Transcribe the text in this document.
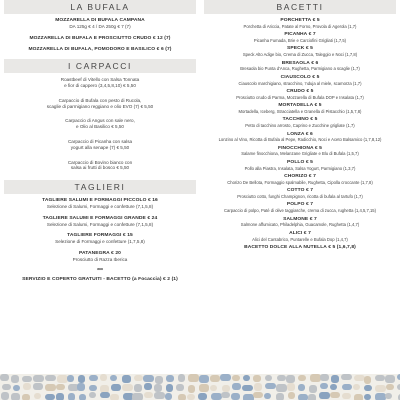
LA BUFALA
MOZZARELLA DI BUFALA CAMPANA
DA 125g € 4 / DA 250g € 7 (7)
MOZZARELLA DI BUFALA E PROSCIUTTO CRUDO € 12 (7)
MOZZARELLA DI BUFALA, POMODORO E BASILICO € 6 (7)
I CARPACCI
Roastbeef di Vitello con Salsa Tonnata
e fior di cappero (3,4,5,8,10) € 5,50
Carpaccio di Bufala con pesto di Rucola,
scaglie di parmigiano reggiano e olio EVO (7) € 5,50
Carpaccio di Angus con sale nero,
e Olio al Basilico € 5,50
Carpaccio di Picanha con salsa
yogurt alla senape (7) € 5,50
Carpaccio di Bovino bianco con
salsa ai frutti di bosco € 5,50
TAGLIERI
TAGLIERE SALUMI E FORMAGGI PICCOLO € 16
Selezione di Salumi, Formaggi e confetture (7,1,5,8)
TAGLIERE SALUMI E FORMAGGI GRANDE € 24
Selezione di Salumi, Formaggi e confetture (7,1,5,8)
TAGLIERE FORMAGGI € 15
Selezione di Formaggi e confetture (1,7,5,8)
PATANEGRA € 20
Prosciutto di Razza Iberica
***
SERVIZIO E COPERTO GRATUITI - BACETTO (a Focaccia) € 2 (1)
BACETTI
PORCHETTA € 5
Porchetta di Ariccia, Patate al Forno, Provola di Agerola (1,7)
PICANHA € 7
Picanha Fumada, Brie e Carciofini Grigliati (1,7,5)
SPECK € 5
Speck Alto Adige bio, Crema di Zucca, Taleggio e Noci (1,7,8)
BRESAOLA € 6
Bresaola bio Punta d'Anca, Rughetta, Parmigiano a scaglie (1,7)
CIAUSCOLO € 5
Ciauscolo marchigiano, stracchino, 'nduja al miele, scamorza (1,7)
CRUDO € 5
Prosciutto crudo di Parma, Mozzarella di Bufala DOP e Insalata (1,7)
MORTADELLA € 5
Mortadella, Iceberg, Stracciatella e Granella di Pistacchio (1,5,7,8)
TACCHINO € 5
Petto di tacchino arrosto, Caprino e Zucchine grigliate (1,7)
LONZA € 6
Lonzino al Vino, Ricotta di Bufala al Pepe, Radicchio, Noci e Aceto Balsamico (1,7,8,12)
FINOCCHIONA € 5
Salame finocchiona, Melanzane Grigliate e Blu di Bufala (1,5,7)
POLLO € 5
Pollo alla Piastra, Insalata, Salsa Yogurt, Parmigiano (1,3,7)
CHORIZO € 7
Chorizo De Bellota, Formaggio spalmabile, Rughetta, Cipolla croccante (1,7,8)
COTTO € 7
Prosciutto cotto, funghi Champignon, ricotta di bufala al tartufo (1,7)
POLPO € 7
Carpaccio di polpo, Paté di olive taggiasche, crema di zucca, rughetta (1,4,5,7,15)
SALMONE € 7
Salmone affumicato, Philadelphia, Guacamole, Rughetta (1,4,7)
ALICI € 7
Alici del Cantabrico, Puntarelle e Bufala Dop (1,4,7)
BACETTO DOLCE ALLA NUTELLA € 5 (1,6,7,8)
